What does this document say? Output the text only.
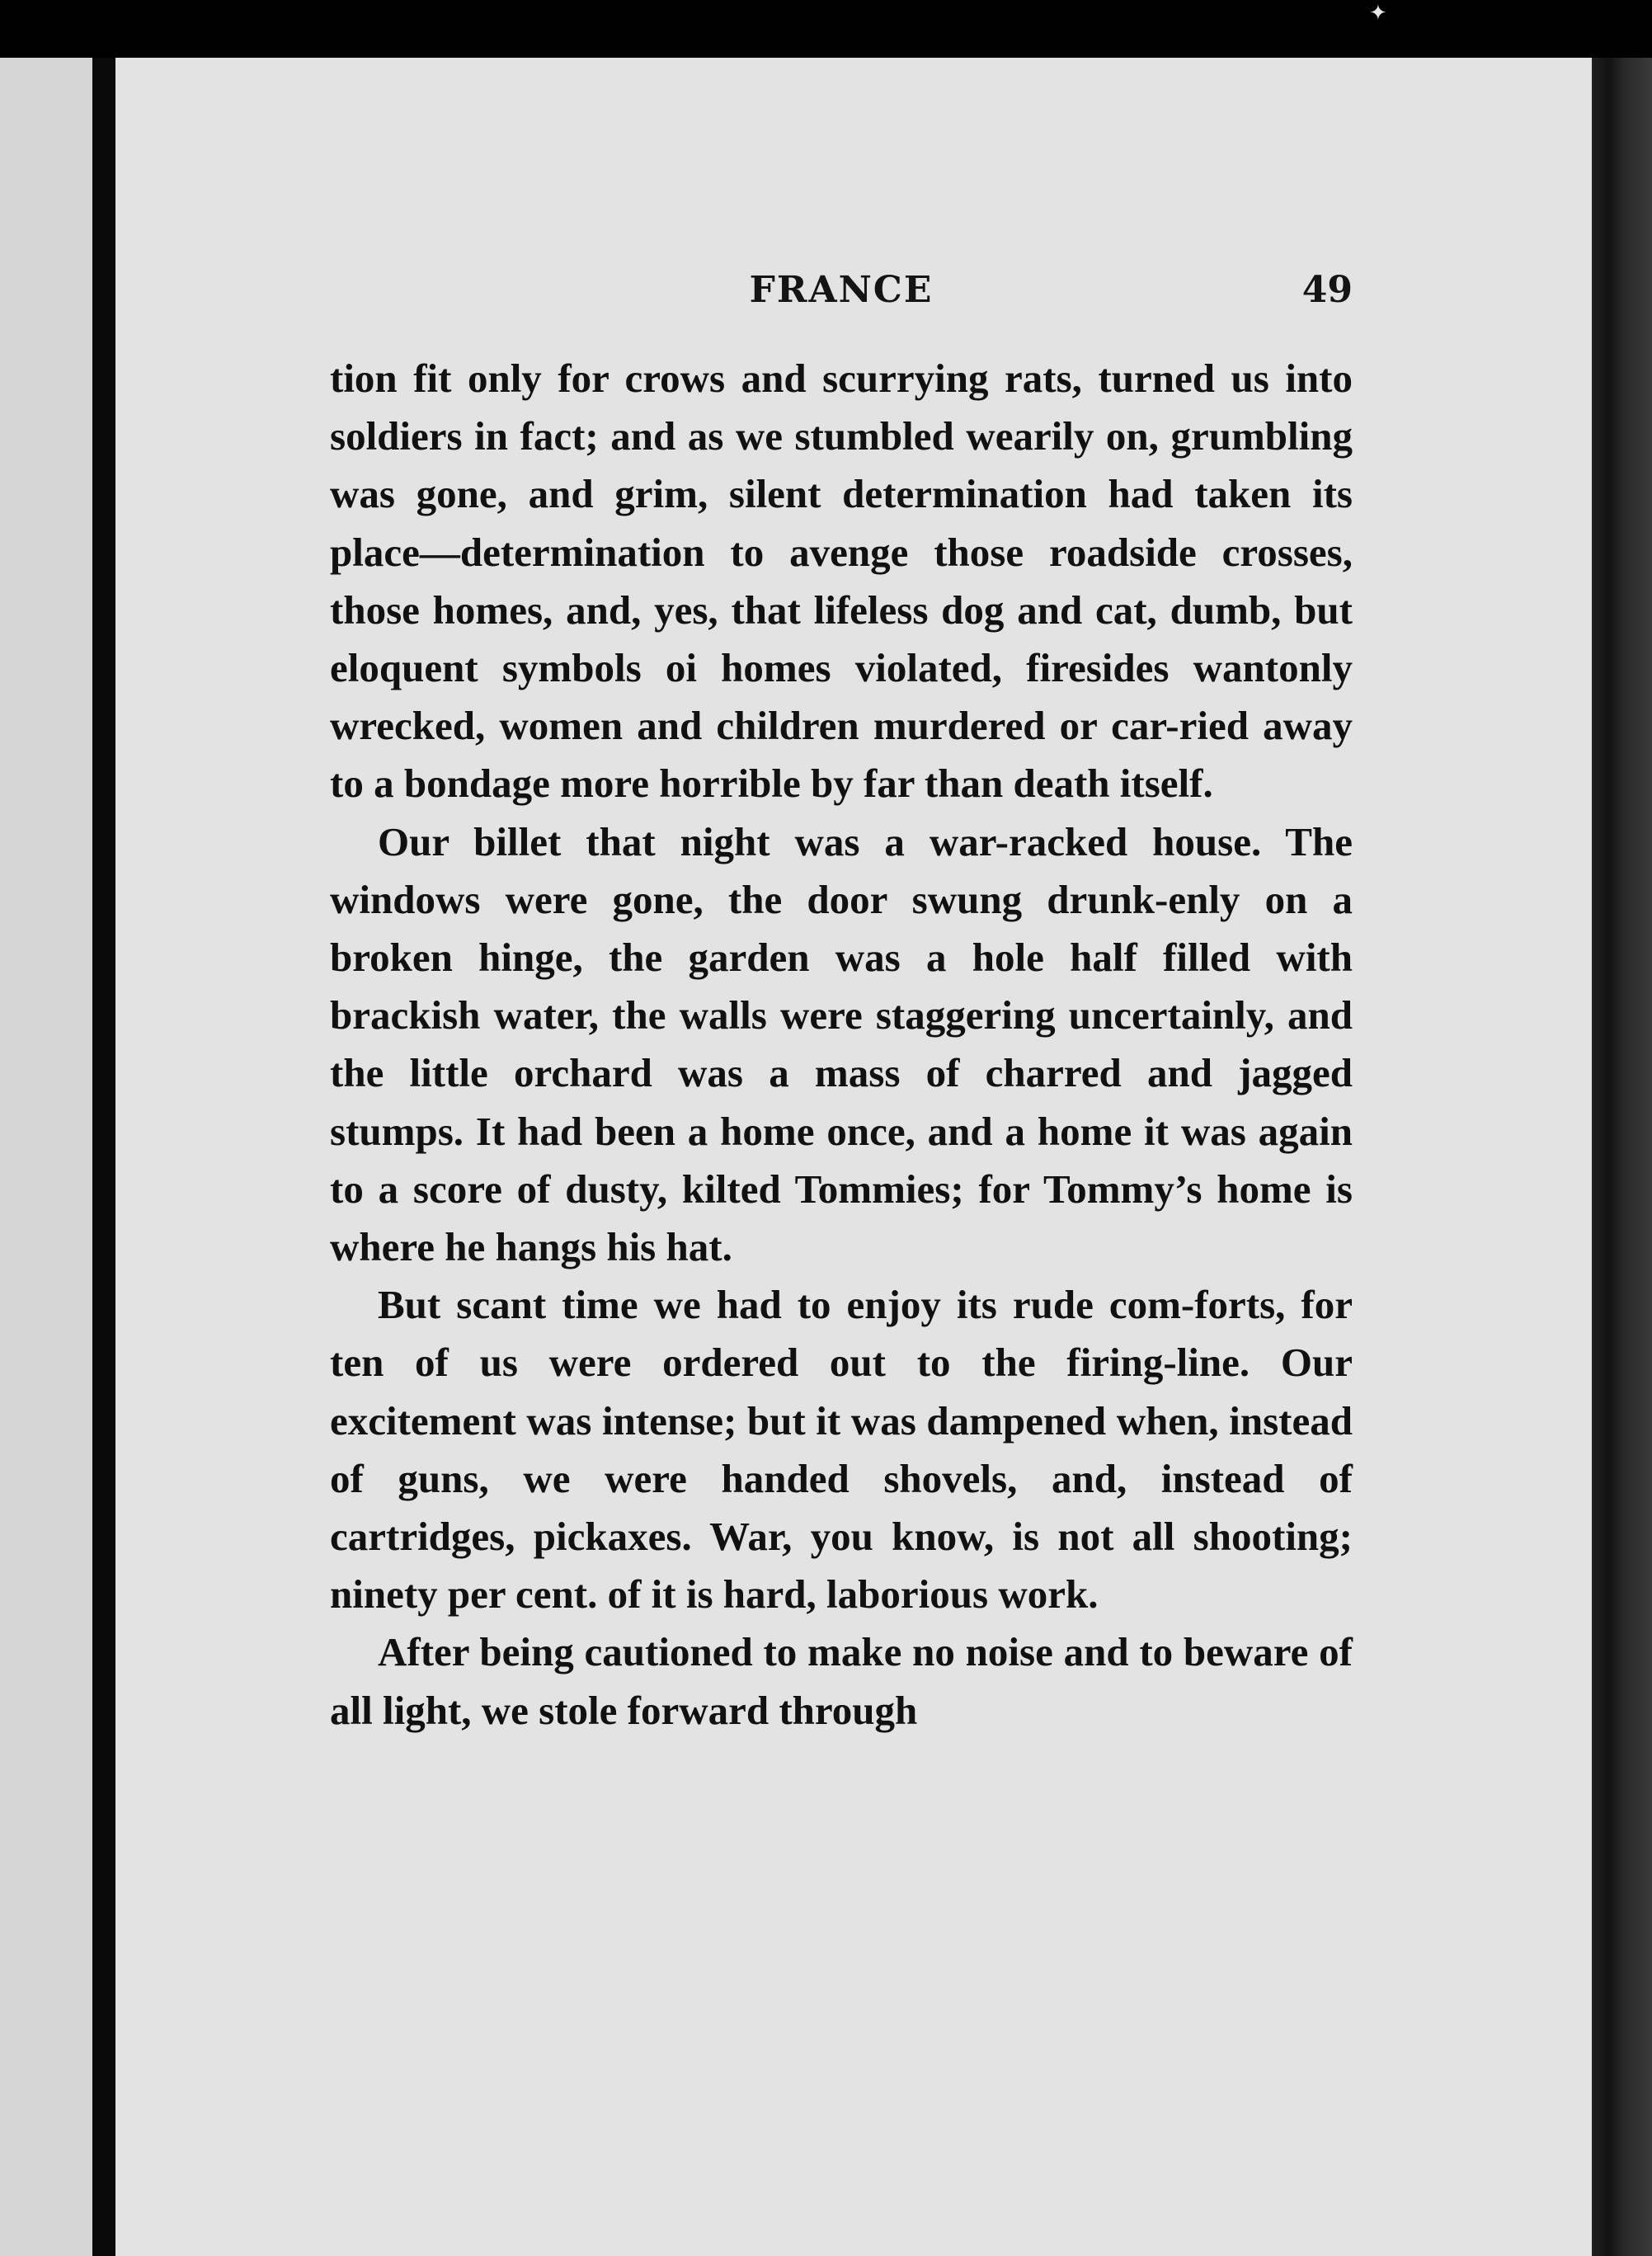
✦
FRANCE	49

tion fit only for crows and scurrying rats, turned us into soldiers in fact; and as we stumbled wearily on, grumbling was gone, and grim, silent determination had taken its place—determination to avenge those roadside crosses, those homes, and, yes, that lifeless dog and cat, dumb, but eloquent symbols oi homes violated, firesides wantonly wrecked, women and children murdered or car-ried away to a bondage more horrible by far than death itself.

Our billet that night was a war-racked house. The windows were gone, the door swung drunk-enly on a broken hinge, the garden was a hole half filled with brackish water, the walls were staggering uncertainly, and the little orchard was a mass of charred and jagged stumps. It had been a home once, and a home it was again to a score of dusty, kilted Tommies; for Tommy’s home is where he hangs his hat.

But scant time we had to enjoy its rude com-forts, for ten of us were ordered out to the firing-line. Our excitement was intense; but it was dampened when, instead of guns, we were handed shovels, and, instead of cartridges, pickaxes. War, you know, is not all shooting; ninety per cent. of it is hard, laborious work.

After being cautioned to make no noise and to beware of all light, we stole forward through
